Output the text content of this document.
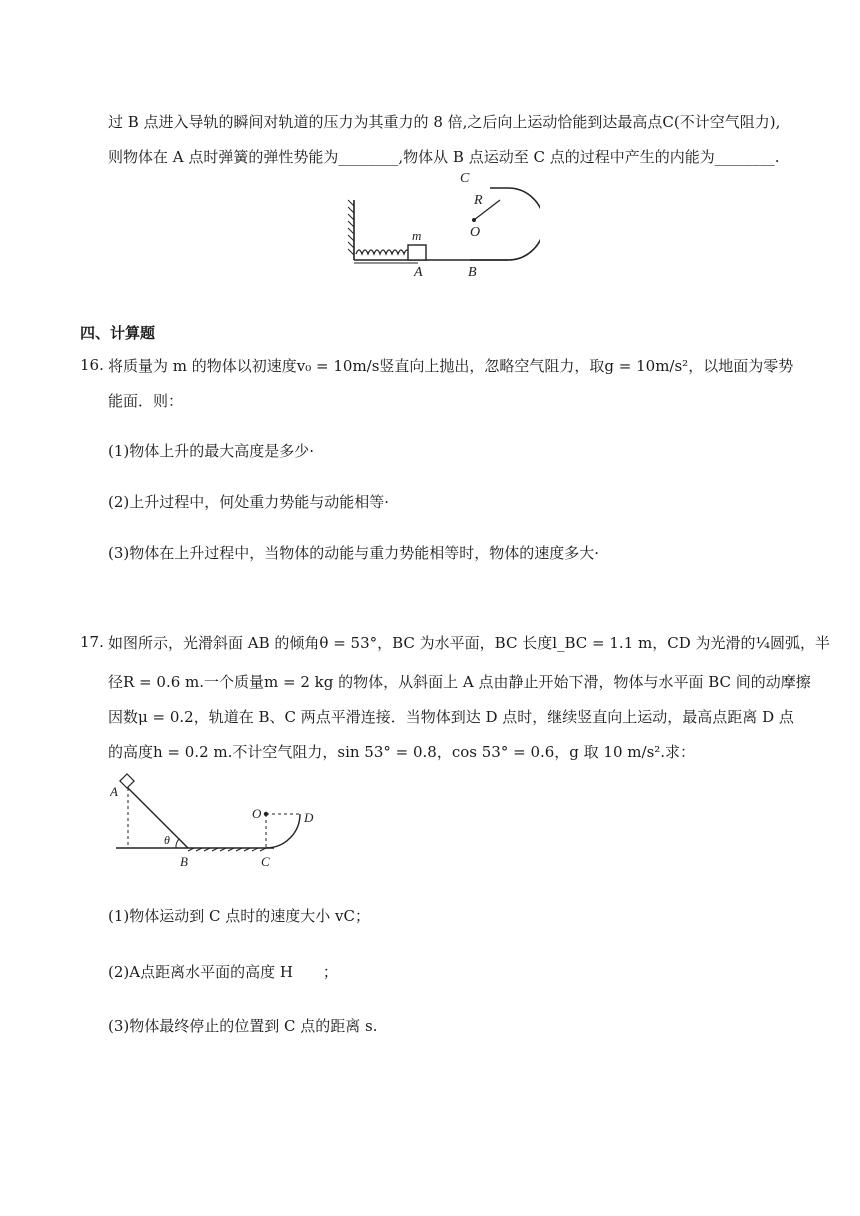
过 B 点进入导轨的瞬间对轨道的压力为其重力的 8 倍,之后向上运动恰能到达最高点C(不计空气阻力),
则物体在 A 点时弹簧的弹性势能为________,物体从 B 点运动至 C 点的过程中产生的内能为________.
C
R
O
m
A	B
四、计算题
16. 将质量为 m 的物体以初速度v₀ = 10m/s竖直向上抛出，忽略空气阻力，取g = 10m/s²，以地面为零势
能面．则：
(1)物体上升的最大高度是多少·
(2)上升过程中，何处重力势能与动能相等·
(3)物体在上升过程中，当物体的动能与重力势能相等时，物体的速度多大·
17. 如图所示，光滑斜面 AB 的倾角θ = 53°，BC 为水平面，BC 长度l_BC = 1.1 m，CD 为光滑的¼圆弧，半
径R = 0.6 m.一个质量m = 2 kg 的物体，从斜面上 A 点由静止开始下滑，物体与水平面 BC 间的动摩擦
因数μ = 0.2，轨道在 B、C 两点平滑连接．当物体到达 D 点时，继续竖直向上运动，最高点距离 D 点
的高度h = 0.2 m.不计空气阻力，sin 53° = 0.8，cos 53° = 0.6，g 取 10 m/s².求：
A
θ
B	C
O	D
(1)物体运动到 C 点时的速度大小 vC；
(2)A点距离水平面的高度 H　　；
(3)物体最终停止的位置到 C 点的距离 s.
